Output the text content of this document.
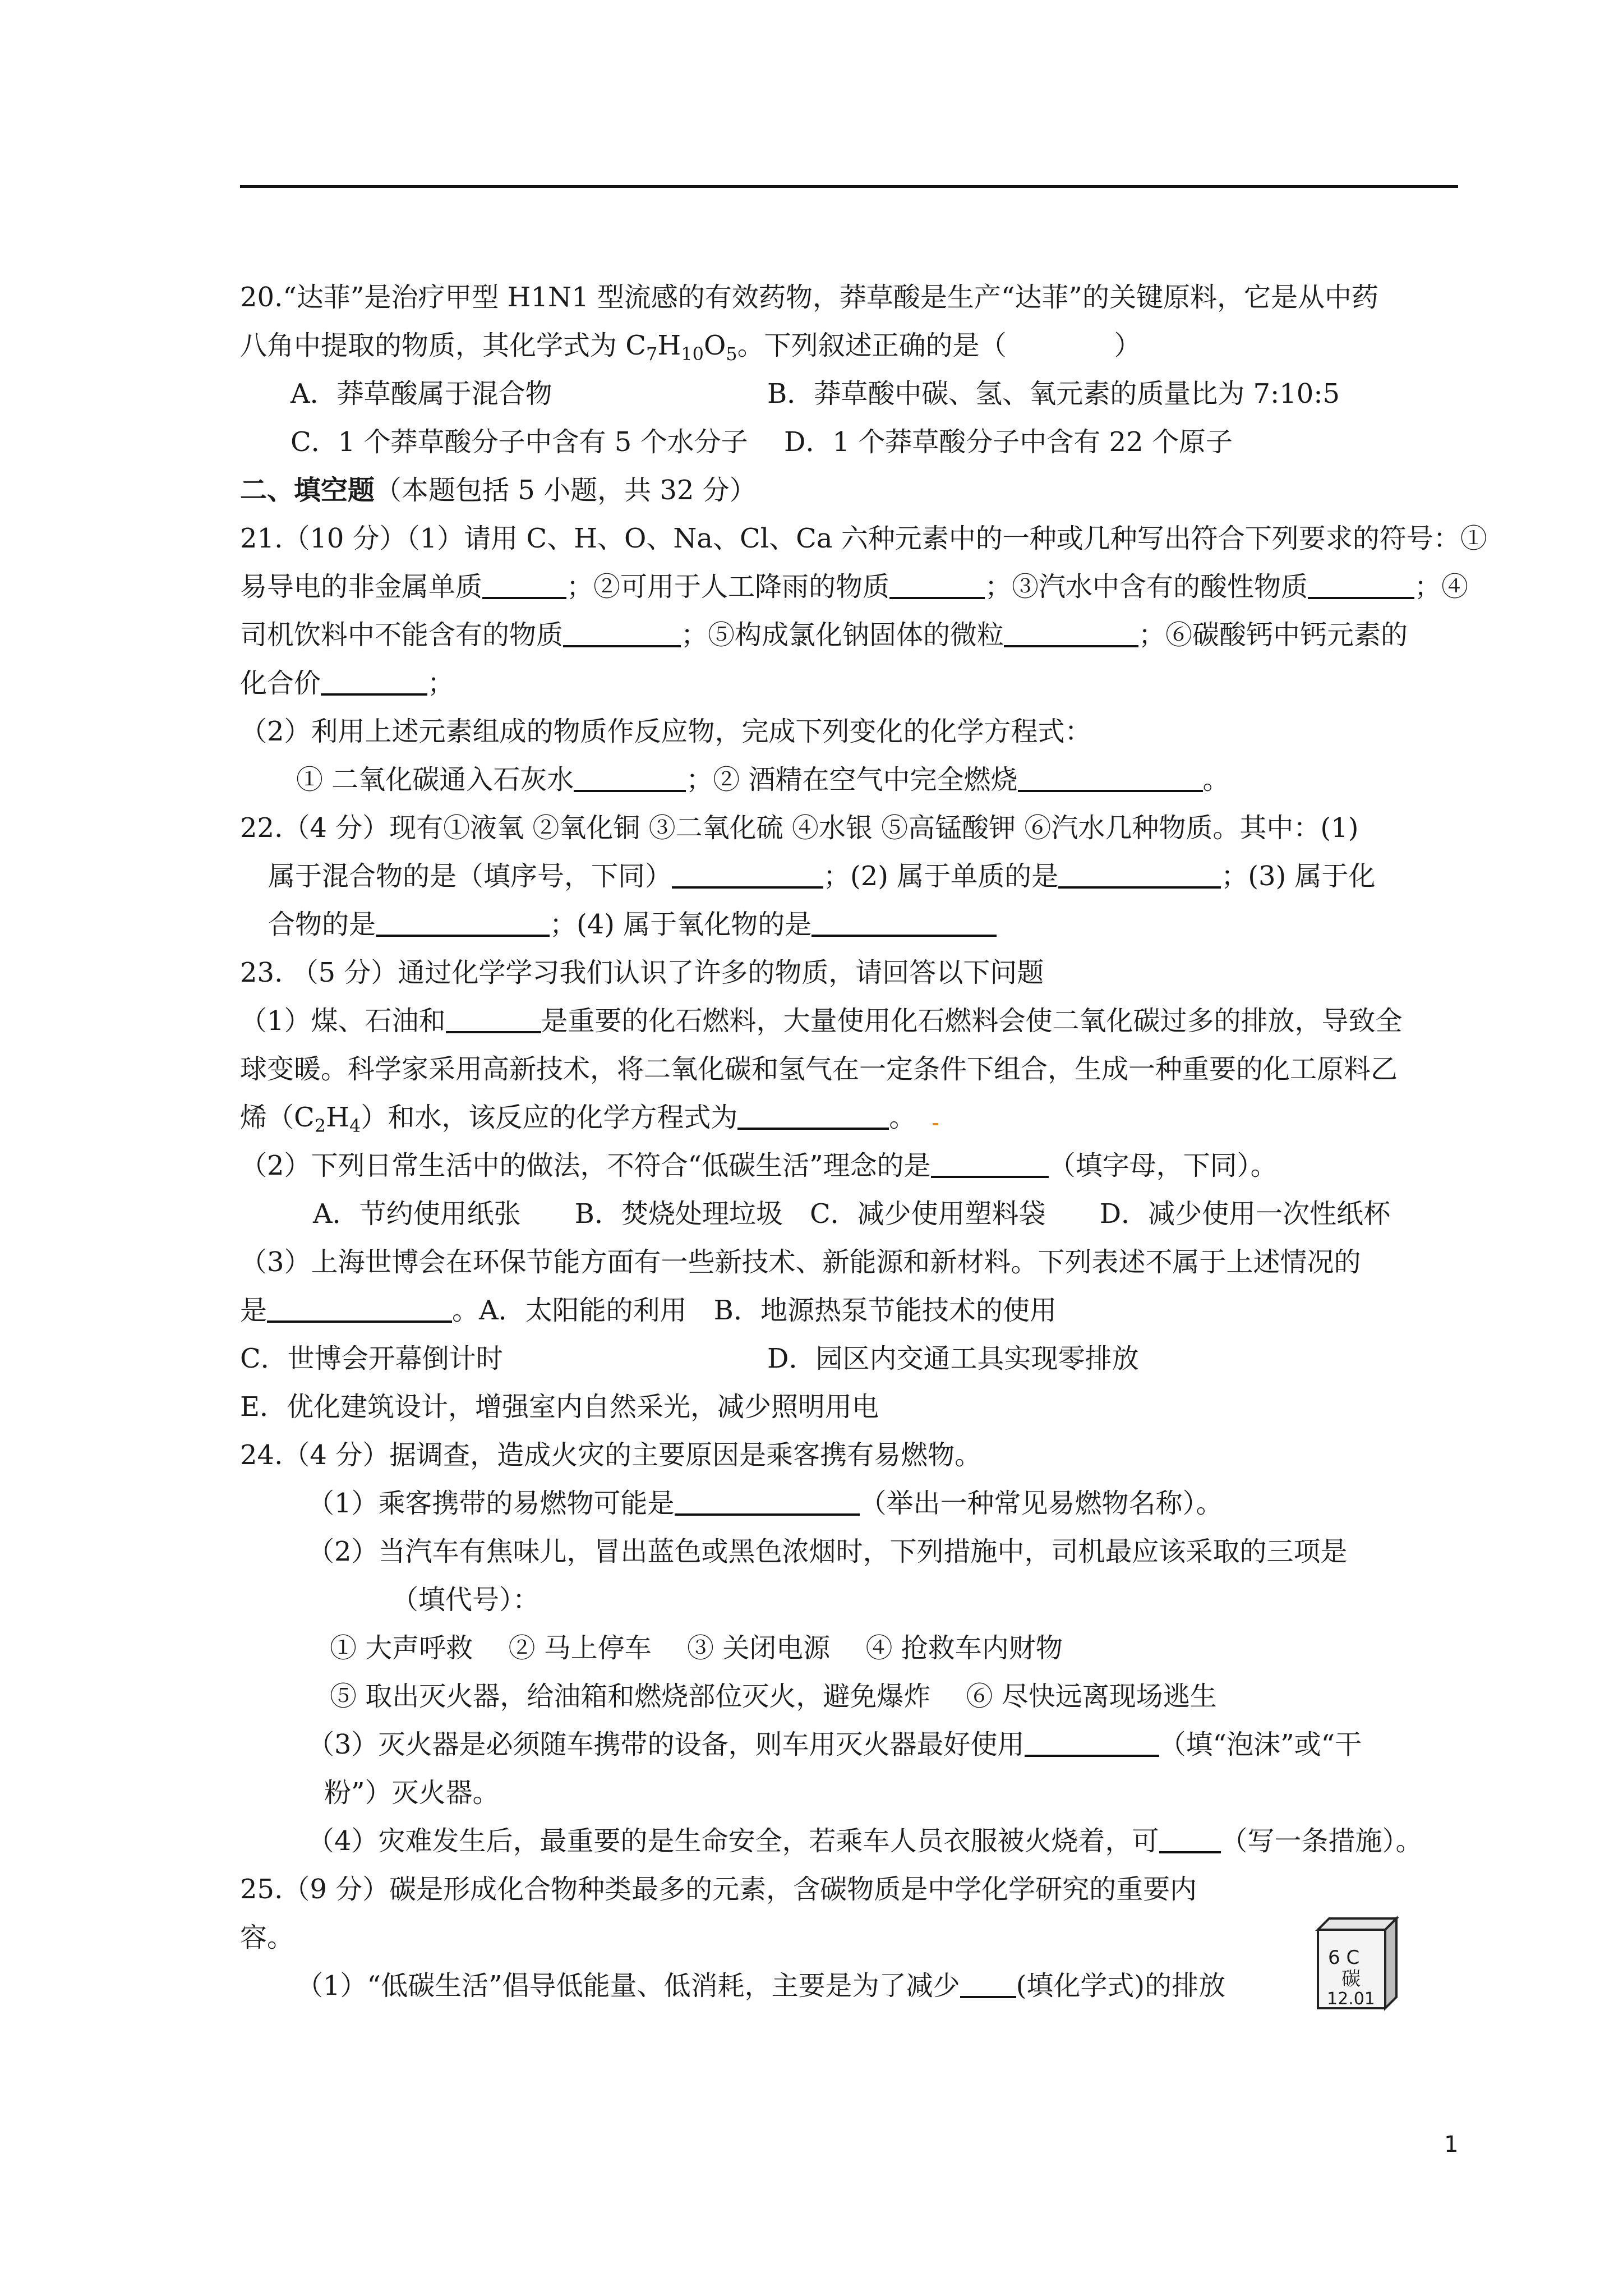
20.“达菲”是治疗甲型 H1N1 型流感的有效药物，莽草酸是生产“达菲”的关键原料，它是从中药
八角中提取的物质，其化学式为 $C_7H_{10}O_5$。下列叙述正确的是（　　　　）
A．莽草酸属于混合物	B．莽草酸中碳、氢、氧元素的质量比为 7:10:5
C．1 个莽草酸分子中含有 5 个水分子 D．1 个莽草酸分子中含有 22 个原子
二、填空题（本题包括 5 小题，共 32 分）
21.（10 分）（1）请用 C、H、O、Na、Cl、Ca 六种元素中的一种或几种写出符合下列要求的符号：①
易导电的非金属单质	；②可用于人工降雨的物质	；③汽水中含有的酸性物质	；④
司机饮料中不能含有的物质	；⑤构成氯化钠固体的微粒	；⑥碳酸钙中钙元素的
化合价	；
（2）利用上述元素组成的物质作反应物，完成下列变化的化学方程式：
① 二氧化碳通入石灰水	；② 酒精在空气中完全燃烧	。
22.（4 分）现有①液氧 ②氧化铜 ③二氧化硫 ④水银 ⑤高锰酸钾 ⑥汽水几种物质。其中：(1)
属于混合物的是（填序号，下同）	；(2) 属于单质的是	；(3) 属于化
合物的是	；(4) 属于氧化物的是
23. （5 分）通过化学学习我们认识了许多的物质，请回答以下问题
（1）煤、石油和	是重要的化石燃料，大量使用化石燃料会使二氧化碳过多的排放，导致全
球变暖。科学家采用高新技术，将二氧化碳和氢气在一定条件下组合，生成一种重要的化工原料乙
烯$(C_2H_4)$和水，该反应的化学方程式为	。
（2）下列日常生活中的做法，不符合“低碳生活”理念的是	（填字母，下同）。
A．节约使用纸张　　B．焚烧处理垃圾　C．减少使用塑料袋　　D．减少使用一次性纸杯
（3）上海世博会在环保节能方面有一些新技术、新能源和新材料。下列表述不属于上述情况的
是	。A．太阳能的利用　B．地源热泵节能技术的使用
C．世博会开幕倒计时	D．园区内交通工具实现零排放
E．优化建筑设计，增强室内自然采光，减少照明用电
24.（4 分）据调查，造成火灾的主要原因是乘客携有易燃物。
（1）乘客携带的易燃物可能是	（举出一种常见易燃物名称）。
（2）当汽车有焦味儿，冒出蓝色或黑色浓烟时，下列措施中，司机最应该采取的三项是
（填代号）：
① 大声呼救　 ② 马上停车　 ③ 关闭电源　 ④ 抢救车内财物
⑤ 取出灭火器，给油箱和燃烧部位灭火，避免爆炸　 ⑥ 尽快远离现场逃生
（3）灭火器是必须随车携带的设备，则车用灭火器最好使用	（填“泡沫”或“干
粉”）灭火器。
（4）灾难发生后，最重要的是生命安全，若乘车人员衣服被火烧着，可 （写一条措施）。
25.（9 分）碳是形成化合物种类最多的元素，含碳物质是中学化学研究的重要内
容。
（1）“低碳生活”倡导低能量、低消耗，主要是为了减少 (填化学式)的排放
6 C
碳
12.01
1
